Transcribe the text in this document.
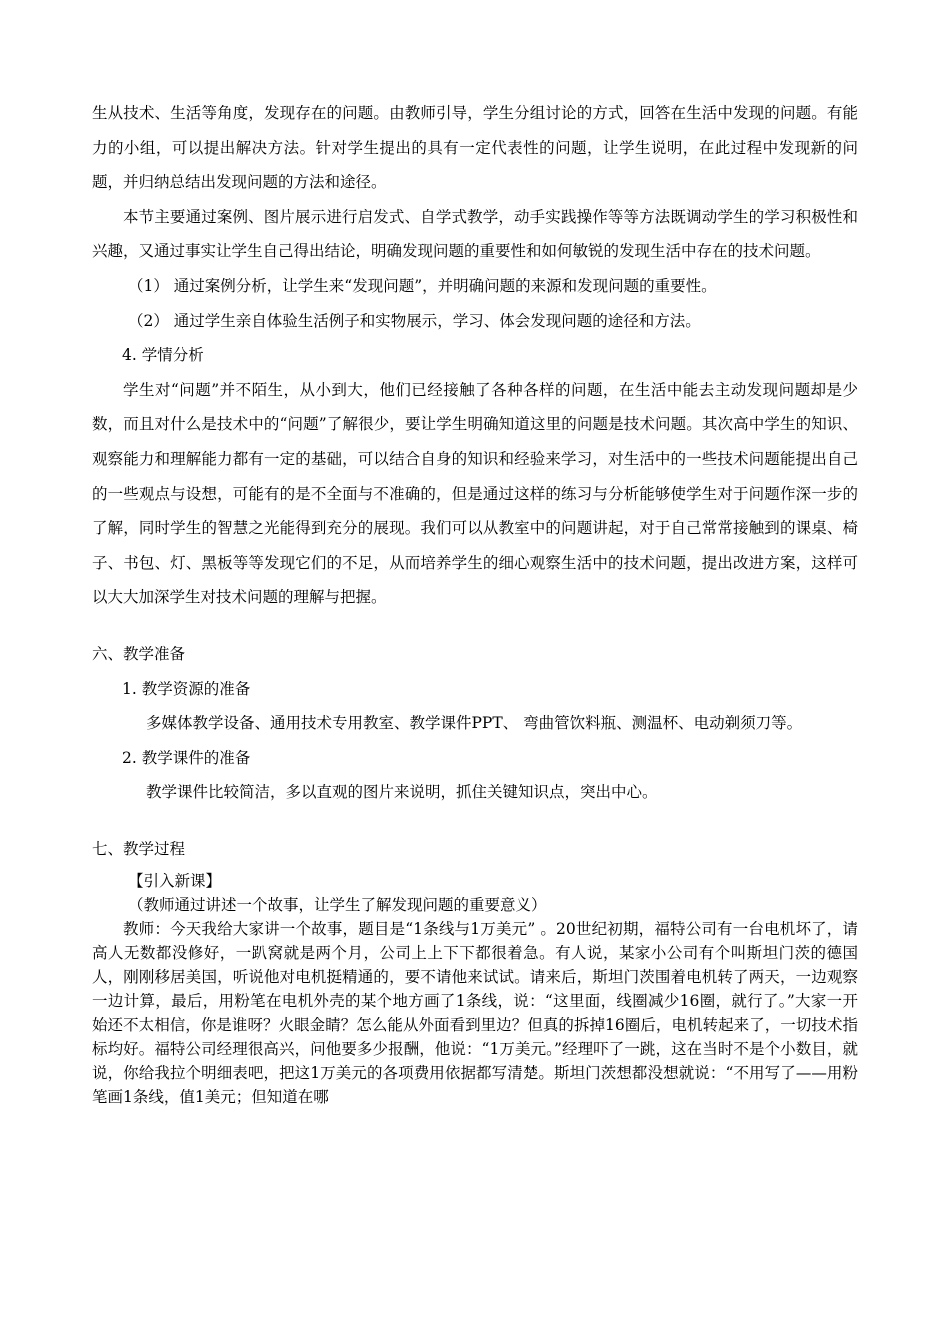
生从技术、生活等角度，发现存在的问题。由教师引导，学生分组讨论的方式，回答在生活中发现的问题。有能力的小组，可以提出解决方法。针对学生提出的具有一定代表性的问题，让学生说明，在此过程中发现新的问题，并归纳总结出发现问题的方法和途径。

本节主要通过案例、图片展示进行启发式、自学式教学，动手实践操作等等方法既调动学生的学习积极性和兴趣，又通过事实让学生自己得出结论，明确发现问题的重要性和如何敏锐的发现生活中存在的技术问题。

（1） 通过案例分析，让学生来“发现问题”，并明确问题的来源和发现问题的重要性。

（2） 通过学生亲自体验生活例子和实物展示，学习、体会发现问题的途径和方法。

4. 学情分析

学生对“问题”并不陌生，从小到大，他们已经接触了各种各样的问题，在生活中能去主动发现问题却是少数，而且对什么是技术中的“问题”了解很少，要让学生明确知道这里的问题是技术问题。其次高中学生的知识、观察能力和理解能力都有一定的基础，可以结合自身的知识和经验来学习，对生活中的一些技术问题能提出自己的一些观点与设想，可能有的是不全面与不准确的，但是通过这样的练习与分析能够使学生对于问题作深一步的了解，同时学生的智慧之光能得到充分的展现。我们可以从教室中的问题讲起，对于自己常常接触到的课桌、椅子、书包、灯、黑板等等发现它们的不足，从而培养学生的细心观察生活中的技术问题，提出改进方案，这样可以大大加深学生对技术问题的理解与把握。

六、教学准备

1. 教学资源的准备

多媒体教学设备、通用技术专用教室、教学课件PPT、 弯曲管饮料瓶、测温杯、电动剃须刀等。

2. 教学课件的准备

教学课件比较简洁，多以直观的图片来说明，抓住关键知识点，突出中心。

七、教学过程

【引入新课】

（教师通过讲述一个故事，让学生了解发现问题的重要意义）

教师：今天我给大家讲一个故事，题目是“1条线与1万美元” 。20世纪初期，福特公司有一台电机坏了，请高人无数都没修好，一趴窝就是两个月，公司上上下下都很着急。有人说，某家小公司有个叫斯坦门茨的德国人，刚刚移居美国，听说他对电机挺精通的，要不请他来试试。请来后，斯坦门茨围着电机转了两天，一边观察一边计算，最后，用粉笔在电机外壳的某个地方画了1条线，说：“这里面，线圈减少16圈，就行了。”大家一开始还不太相信，你是谁呀？火眼金睛？怎么能从外面看到里边？但真的拆掉16圈后，电机转起来了，一切技术指标均好。福特公司经理很高兴，问他要多少报酬，他说：“1万美元。”经理吓了一跳，这在当时不是个小数目，就说，你给我拉个明细表吧，把这1万美元的各项费用依据都写清楚。斯坦门茨想都没想就说：“不用写了——用粉笔画1条线，值1美元；但知道在哪
